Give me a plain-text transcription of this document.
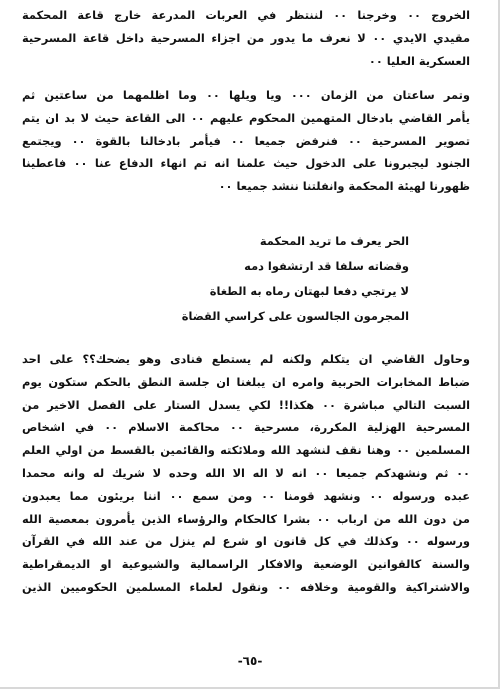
الخروج ٠٠ وخرجنا ٠٠ لننتظر في العربات المدرعة خارج قاعة المحكمة
مقيدي الايدي ٠٠ لا نعرف ما يدور من اجزاء المسرحية داخل قاعة المسرحية
العسكرية العليا ٠٠
وتمر ساعتان من الزمان ٠٠٠ ويا ويلها ٠٠ وما اظلمهما من ساعتين ثم
يأمر القاضي بادخال المتهمين المحكوم عليهم ٠٠ الى القاعة حيث لا بد ان يتم
تصوير المسرحية ٠٠ فنرفض جميعا ٠٠ فيأمر بادخالنا بالقوة ٠٠ ويجتمع
الجنود ليجبرونا على الدخول حيث علمنا انه تم انهاء الدفاع عنا ٠٠ فاعطينا
ظهورنا لهيئة المحكمة وانفلتنا ننشد جميعا ٠٠
الحر يعرف ما تريد المحكمة
وقضاته سلفا قد ارتشفوا دمه
لا يرتجي دفعا لبهتان رماه به الطغاة
المجرمون الجالسون على كراسي القضاة
وحاول القاضي ان يتكلم ولكنه لم يستطع فنادى وهو يضحك؟؟ على احد
ضباط المخابرات الحربية وامره ان يبلغنا ان جلسة النطق بالحكم ستكون يوم
السبت التالي مباشرة ٠٠ هكذا!! لكي يسدل الستار على الفصل الاخير من
المسرحية الهزلية المكررة، مسرحية ٠٠ محاكمة الاسلام ٠٠ في اشخاص
المسلمين ٠٠ وهنا نقف لنشهد الله وملائكته والقائمين بالقسط من اولي العلم
٠٠ ثم ونشهدكم جميعا ٠٠ انه لا اله الا الله وحده لا شريك له وانه محمدا
عبده ورسوله ٠٠ ونشهد قومنا ٠٠ ومن سمع ٠٠ اننا بريئون مما يعبدون
من دون الله من ارباب ٠٠ بشرا كالحكام والرؤساء الذين يأمرون بمعصية الله
ورسوله ٠٠ وكذلك في كل قانون او شرع لم ينزل من عند الله في القرآن
والسنة كالقوانين الوضعية والافكار الراسمالية والشيوعية او الديمقراطية
والاشتراكية والقومية وخلافه ٠٠ ونقول لعلماء المسلمين الحكوميين الذين
-٦٥-
